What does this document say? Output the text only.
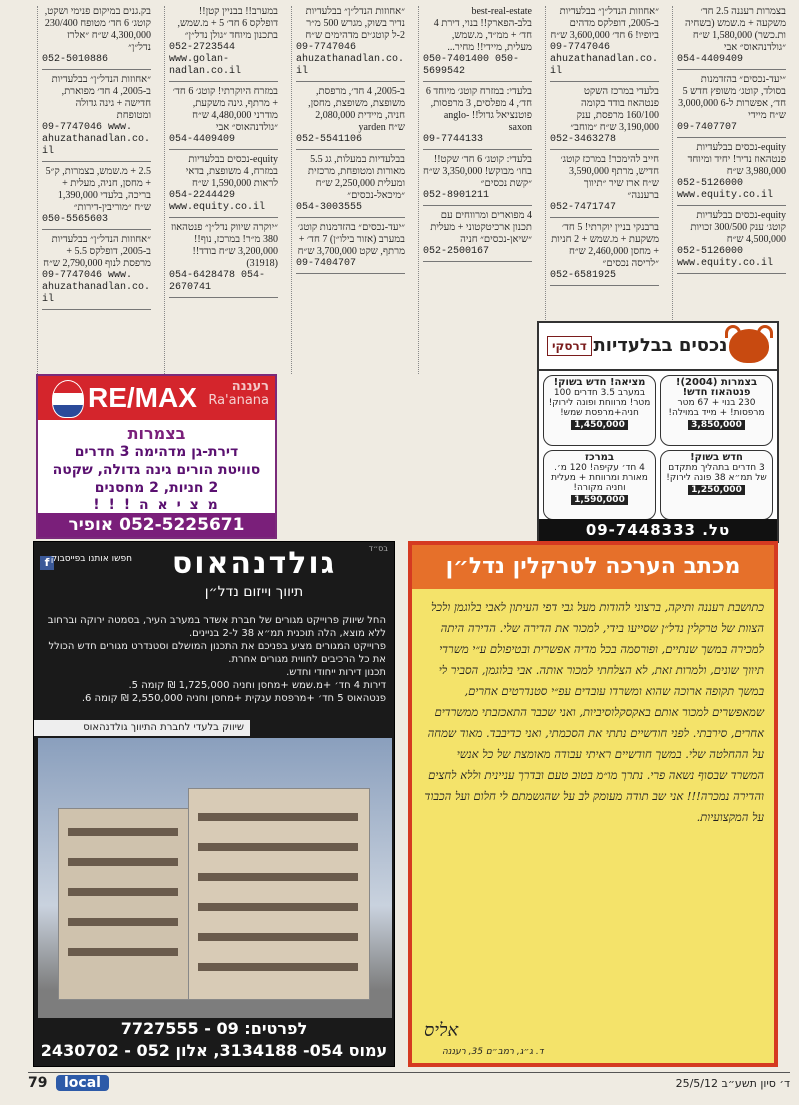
בצמרות רעננה 2.5 חד׳ משקעה + מ.שמש (בשחיה ות.כשר) 1,580,000 ש״ח ״גולדנהאוס״ אבי
054-4409409
״יעד-נכסים״ בהזדמנות בסולד, קוטג׳ משופץ חדש 5 חד׳, אפשרות ל-6 3,000,000 ש״ח מיידי
09-7407707
equity-נכסים בבלעדיות פנטהאוז נדיר! יחיד ומיוחד 3,980,000 ש״ח
052-5126000 www.equity.co.il
equity-נכסים בבלעדיות קוטג׳ ענק 300/500 זכויות 4,500,000 ש״ח
052-5126000 www.equity.co.il
״אחוזות הנדל״ן״ בבלעדיות ב-2005, דופלקס מדהים ביופיו! 6 חד׳ 3,600,000 ש״ח
09-7747046 ahuzathanadlan.co.il
בלעדי במרכז השקט פנטהאוז בודד בקומה 160/100 מרפסת, ענק 3,190,000 ש״ח ״מוחב״
052-3463278
חייב להימכר! במרכז קוטג׳ חדיש, מרתף 3,590,000 ש״ח ארז שיר ״תיווך ברעננה״
052-7471747
ברבנקי בניין יוקרתי! 5 חד׳ משקעת + מ.שמש + 2 חניות + מחסן 2,460,000 ש״ח ״לריסה נכסים״
052-6581925
best-real-estate בלב-הפארק!! בנוי, דירת 4 חד׳ + ממ״ד, מ.שמש, מעלית, מיידי!! מחיר...
050-7401400 050-5699542
בלעדי: במזרח קוטג׳ מיוחד 6 חד׳, 4 מפלסים, 3 מרפסות, פוטנציאל גדול!! anglo-saxon
09-7744133
בלעדי: קוטג׳ 6 חד׳ שקט!! בחו׳ מבוקש! 3,350,000 ש״ח ״קשת נכסים״
052-8901211
4 מפוארים ומרווחים עם תכנון ארכיטקטוני + מעלית ״שיאן-נכסים״ חניה
052-2500167
״אחוזות הנדל״ן״ בבלעדיות נדיר בשוק, מגרש 500 מ״ר 2-ל קוטג׳ים מדהימים ש״ח
09-7747046 ahuzathanadlan.co.il
ב-2005, 4 חד׳, מרפסת, משופצת, משופצת, מחסן, חניה, מיידית 2,080,000 ש״ח yarden
052-5541106
בבלעדיות במעלות, גג 5.5 מאורות ומטופחת, מרכזית ומעלית 2,250,000 ש״ח ״מיכאל-נכסים״
054-3003555
״יעד-נכסים״ בהזדמנות קוטג׳ במערב (אזור בילו״ן) 7 חד׳ + מרתף, שקט 3,700,000 ש״ח
09-7404707
במערב!! בבניין קטן!! דופלקס 6 חד׳ 5 + מ.שמש, בתכנון מיוחד ״גולן נדל״ן״
052-2723544 www.golan-nadlan.co.il
במזרח היוקרתי! קוטג׳ 6 חד׳ + מרתף, גינה משקעת, מודרני 4,480,000 ש״ח ״גולדנהאוס״ אבי
054-4409409
equity-נכסים בבלעדיות במזרח, 4 משופצת, בדאי לראות 1,590,000 ש״ח
054-2244429 www.equity.co.il
״יוקרה שיווק נדל״ן״ פנטהאוז 380 מ״ר! במרכז, נוף!! 3,200,000 ש״ח בודד!! (31918)
054-6428478 054-2670741
בק.גנים במיקום פנימי ושקט, קוטג׳ 6 חד׳ מטופח 230/400 4,300,000 ש״ח ״אלרז נדל״ן״
052-5010886
״אחוזות הנדל״ן״ בבלעדיות ב-2005, 4 חד׳ מפוארת, חדישה + גינה גדולה ומטופחת
09-7747046 www. ahuzathanadlan.co.il
2.5 + מ.שמש, בצמרות, ק״5 + מחסן, חניה, מעלית + בריכה, בלעדי 1,390,000 ש״ח ״מוריבין-דירות״
050-5565603
״אחוזות הנדל״ן״ בבלעדיות ב-2005, דופלקס 5.5 + מרפסת לנוף 2,790,000 ש״ח
09-7747046 www. ahuzathanadlan.co.il
דרסקי נכסים בבלעדיות
מציאה! חדש בשוק!
במערב 3.5 חדרים 100 מטר! מרווחת ופונה לירוק! חניה+מרפסת שמש!
1,450,000
בצמרות (2004)! פנטהאוז חדש!
230 בנוי + 67 מטר מרפסות! + מייד במוילה!
3,850,000
במרכז
4 חד׳ עקיפה! 120 מ׳. מאורת ומרווחת + מעלית וחניה מקורה!
1,590,000
חדש בשוק!
3 חדרים בתהליך מתקדם של תמ״א 38 פונה לירוק!
1,250,000
טל. 09-7448333
RE/MAX	רעננה
Ra'anana
בצמרות
דירת-גן מדהימה 3 חדרים
סוויטת הורים גינה גדולה, שקטה
2 חניות, 2 מחסנים
מ צ י א ה ! ! !
052-5225671 אופיר
בס״ד
f חפשו אותנו בפייסבוק	גולדנהאוס
תיווך וייזום נדל״ן
החל שיווק פרוייקט מגורים של חברת אשדר במערב העיר, בסמטה ירוקה וברחוב ללא מוצא, הלה תוכנית תמ״א 38 ל-2 בניינים.
פרוייקט המגורים מציע בפניכם את התכנון המושלם וסטנדרט מגורים חדש הכולל את כל הרכיבים לחווית מגורים אחרת.
תכנון דירות ייחודי וחדש.
דירות 4 חד׳ +מ.שמש +מחסן וחניה 1,725,000 ₪ קומה 5.
פנטהאוס 5 חד׳ +מרפסת ענקית +מחסן וחניה 2,550,000 ₪ קומה 6.
שיווק בלעדי לחברת התיווך גולדנהאוס
לפרטים: 09 - 7727555
עמוס 054- 3134188, אלון 052 - 2430702
מכתב הערכה לטרקלין נדל״ן
כתושבת רעננה ותיקה, ברצוני להודות מעל גבי דפי העיתון לאבי בלוגמן ולכל הצוות של טרקלין נדל״ן שסייעו בידי, למכור את הדירה שלי. הדירה היתה למכירה במשך שנתיים, ופורסמה בכל מדיה אפשרית ובטיפולם ע״י משרדי תיווך שונים, ולמרות זאת, לא הצלחתי למכור אותה. אבי בלוגמן, הסביר לי במשך תקופה ארוכה שהוא ומשרדו עובדים עפ״י סטנדרטים אחרים, שמאפשרים למכור אותם באקסקלוסיביות, ואני שכבר התאכזבתי ממשרדים אחרים, סירבתי. לפני חודשיים נתתי את הסכמתי, ואני כדיבבד. מאוד שמחה על ההחלטה שלי. במשך חודשיים ראיתי עבודה מאומצת של כל אנשי המשרד שבסוף נשאה פרי. נתרך מו״מ בטוב טעם ובדרך עניינית וללא לחצים והדירה נמכרה!!! אני שב תודה מעומק לב על שהגשמתם לי חלום ועל הכבוד על המקצועיות.
אליס
ד. ג״ג, רמב״ם 35, רעננה
79	local	ד׳ סיון תשע״ב 25/5/12
